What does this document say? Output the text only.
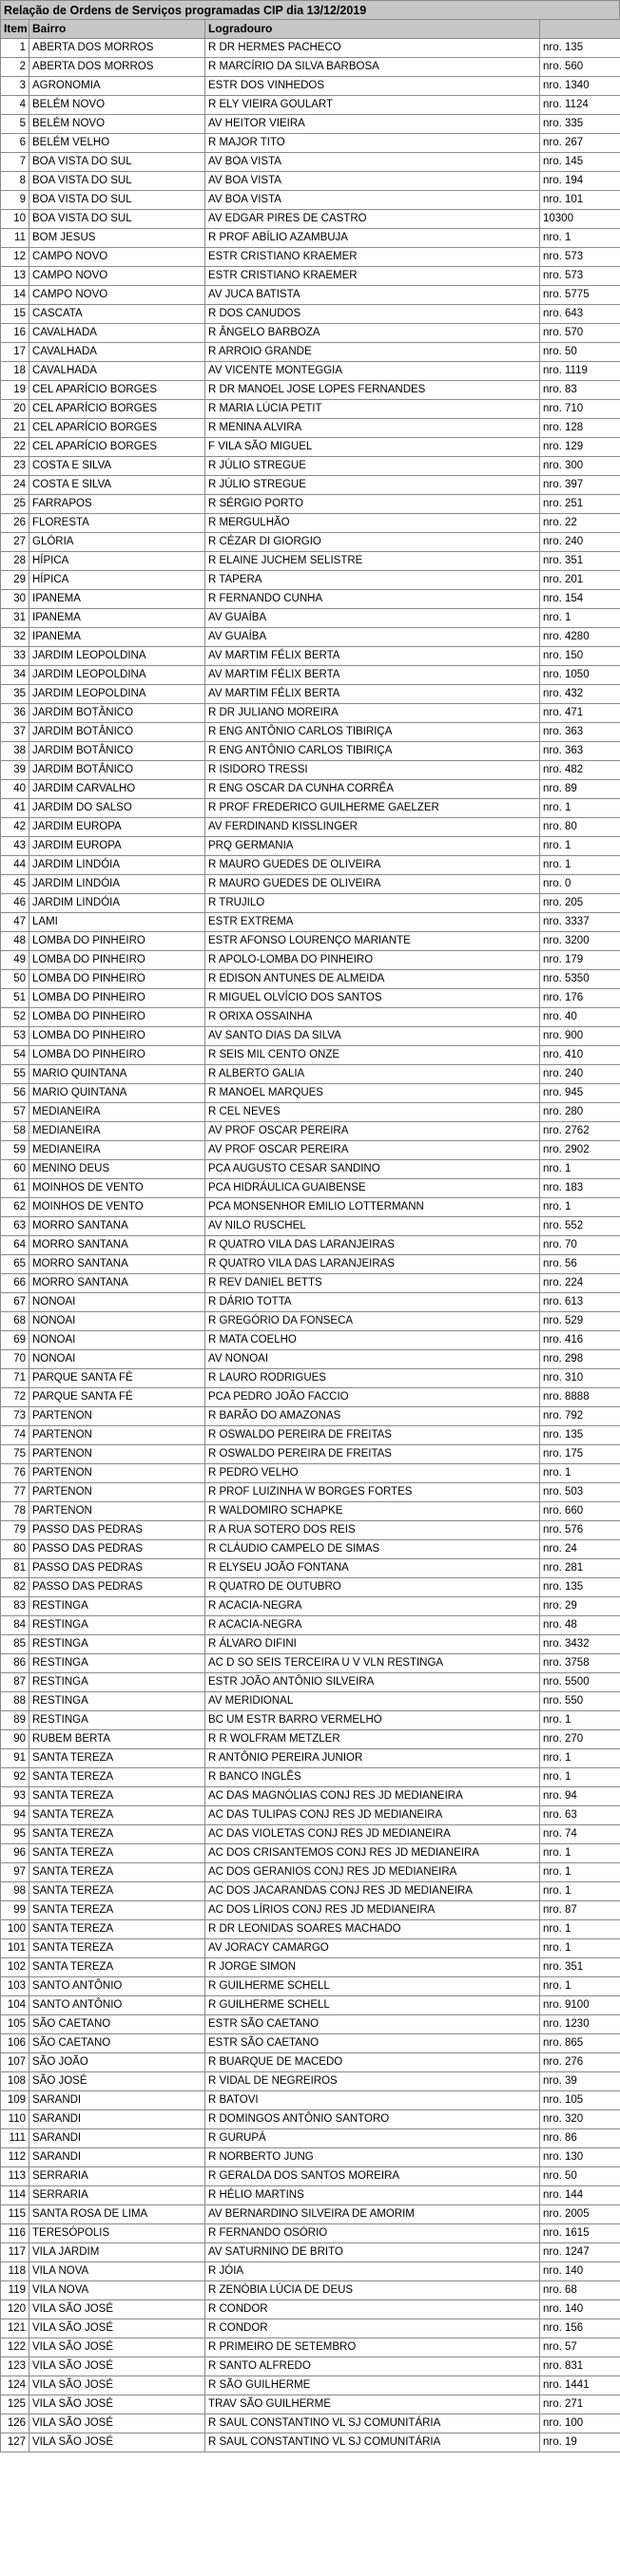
Relação de Ordens de Serviços programadas CIP dia 13/12/2019
Item	Bairro	Logradouro	
1	ABERTA DOS MORROS	R DR HERMES PACHECO	nro. 135
2	ABERTA DOS MORROS	R MARCÍRIO DA SILVA BARBOSA	nro. 560
3	AGRONOMIA	ESTR DOS VINHEDOS	nro. 1340
4	BELÉM NOVO	R ELY VIEIRA GOULART	nro. 1124
5	BELÉM NOVO	AV HEITOR VIEIRA	nro. 335
6	BELÉM VELHO	R MAJOR TITO	nro. 267
7	BOA VISTA DO SUL	AV BOA VISTA	nro. 145
8	BOA VISTA DO SUL	AV BOA VISTA	nro. 194
9	BOA VISTA DO SUL	AV BOA VISTA	nro. 101
10	BOA VISTA DO SUL	AV EDGAR PIRES DE CASTRO	10300
11	BOM JESUS	R PROF ABÍLIO AZAMBUJA	nro. 1
12	CAMPO NOVO	ESTR CRISTIANO KRAEMER	nro. 573
13	CAMPO NOVO	ESTR CRISTIANO KRAEMER	nro. 573
14	CAMPO NOVO	AV JUCA BATISTA	nro. 5775
15	CASCATA	R DOS CANUDOS	nro. 643
16	CAVALHADA	R ÂNGELO BARBOZA	nro. 570
17	CAVALHADA	R ARROIO GRANDE	nro. 50
18	CAVALHADA	AV VICENTE MONTEGGIA	nro. 1119
19	CEL APARÍCIO BORGES	R DR MANOEL JOSE LOPES FERNANDES	nro. 83
20	CEL APARÍCIO BORGES	R MARIA LÚCIA PETIT	nro. 710
21	CEL APARÍCIO BORGES	R MENINA ALVIRA	nro. 128
22	CEL APARÍCIO BORGES	F VILA SÃO MIGUEL	nro. 129
23	COSTA E SILVA	R JÚLIO STREGUE	nro. 300
24	COSTA E SILVA	R JÚLIO STREGUE	nro. 397
25	FARRAPOS	R SÉRGIO PORTO	nro. 251
26	FLORESTA	R MERGULHÃO	nro. 22
27	GLÓRIA	R CÉZAR DI GIORGIO	nro. 240
28	HÍPICA	R ELAINE JUCHEM SELISTRE	nro. 351
29	HÍPICA	R TAPERA	nro. 201
30	IPANEMA	R FERNANDO CUNHA	nro. 154
31	IPANEMA	AV GUAÍBA	nro. 1
32	IPANEMA	AV GUAÍBA	nro. 4280
33	JARDIM LEOPOLDINA	AV MARTIM FÉLIX BERTA	nro. 150
34	JARDIM LEOPOLDINA	AV MARTIM FÉLIX BERTA	nro. 1050
35	JARDIM LEOPOLDINA	AV MARTIM FÉLIX BERTA	nro. 432
36	JARDIM BOTÂNICO	R DR JULIANO MOREIRA	nro. 471
37	JARDIM BOTÂNICO	R ENG ANTÔNIO CARLOS TIBIRIÇA	nro. 363
38	JARDIM BOTÂNICO	R ENG ANTÔNIO CARLOS TIBIRIÇA	nro. 363
39	JARDIM BOTÂNICO	R ISIDORO TRESSI	nro. 482
40	JARDIM CARVALHO	R ENG OSCAR DA CUNHA CORRÊA	nro. 89
41	JARDIM DO SALSO	R PROF FREDERICO GUILHERME GAELZER	nro. 1
42	JARDIM EUROPA	AV FERDINAND KISSLINGER	nro. 80
43	JARDIM EUROPA	PRQ GERMANIA	nro. 1
44	JARDIM LINDÓIA	R MAURO GUEDES DE OLIVEIRA	nro. 1
45	JARDIM LINDÓIA	R MAURO GUEDES DE OLIVEIRA	nro. 0
46	JARDIM LINDÓIA	R TRUJILO	nro. 205
47	LAMI	ESTR EXTREMA	nro. 3337
48	LOMBA DO PINHEIRO	ESTR AFONSO LOURENÇO MARIANTE	nro. 3200
49	LOMBA DO PINHEIRO	R APOLO-LOMBA DO PINHEIRO	nro. 179
50	LOMBA DO PINHEIRO	R EDISON ANTUNES DE ALMEIDA	nro. 5350
51	LOMBA DO PINHEIRO	R MIGUEL OLVÍCIO DOS SANTOS	nro. 176
52	LOMBA DO PINHEIRO	R ORIXA OSSAINHA	nro. 40
53	LOMBA DO PINHEIRO	AV SANTO DIAS DA SILVA	nro. 900
54	LOMBA DO PINHEIRO	R SEIS MIL CENTO ONZE	nro. 410
55	MARIO QUINTANA	R ALBERTO GALIA	nro. 240
56	MARIO QUINTANA	R MANOEL MARQUES	nro. 945
57	MEDIANEIRA	R CEL NEVES	nro. 280
58	MEDIANEIRA	AV PROF OSCAR PEREIRA	nro. 2762
59	MEDIANEIRA	AV PROF OSCAR PEREIRA	nro. 2902
60	MENINO DEUS	PCA AUGUSTO CESAR SANDINO	nro. 1
61	MOINHOS DE VENTO	PCA HIDRÁULICA GUAIBENSE	nro. 183
62	MOINHOS DE VENTO	PCA MONSENHOR EMILIO LOTTERMANN	nro. 1
63	MORRO SANTANA	AV NILO RUSCHEL	nro. 552
64	MORRO SANTANA	R QUATRO VILA DAS LARANJEIRAS	nro. 70
65	MORRO SANTANA	R QUATRO VILA DAS LARANJEIRAS	nro. 56
66	MORRO SANTANA	R REV DANIEL BETTS	nro. 224
67	NONOAI	R DÁRIO TOTTA	nro. 613
68	NONOAI	R GREGÓRIO DA FONSECA	nro. 529
69	NONOAI	R MATA COELHO	nro. 416
70	NONOAI	AV NONOAI	nro. 298
71	PARQUE SANTA FÉ	R LAURO RODRIGUES	nro. 310
72	PARQUE SANTA FÉ	PCA PEDRO JOÃO FACCIO	nro. 8888
73	PARTENON	R BARÃO DO AMAZONAS	nro. 792
74	PARTENON	R OSWALDO PEREIRA DE FREITAS	nro. 135
75	PARTENON	R OSWALDO PEREIRA DE FREITAS	nro. 175
76	PARTENON	R PEDRO VELHO	nro. 1
77	PARTENON	R PROF LUIZINHA W BORGES FORTES	nro. 503
78	PARTENON	R WALDOMIRO SCHAPKE	nro. 660
79	PASSO DAS PEDRAS	R A RUA SOTERO DOS REIS	nro. 576
80	PASSO DAS PEDRAS	R CLÁUDIO CAMPELO DE SIMAS	nro. 24
81	PASSO DAS PEDRAS	R ELYSEU JOÃO FONTANA	nro. 281
82	PASSO DAS PEDRAS	R QUATRO DE OUTUBRO	nro. 135
83	RESTINGA	R ACACIA-NEGRA	nro. 29
84	RESTINGA	R ACACIA-NEGRA	nro. 48
85	RESTINGA	R ÁLVARO DIFINI	nro. 3432
86	RESTINGA	AC D SO SEIS TERCEIRA U V VLN RESTINGA	nro. 3758
87	RESTINGA	ESTR JOÃO ANTÔNIO SILVEIRA	nro. 5500
88	RESTINGA	AV MERIDIONAL	nro. 550
89	RESTINGA	BC UM ESTR BARRO VERMELHO	nro. 1
90	RUBEM BERTA	R R WOLFRAM METZLER	nro. 270
91	SANTA TEREZA	R ANTÔNIO PEREIRA JUNIOR	nro. 1
92	SANTA TEREZA	R BANCO INGLÊS	nro. 1
93	SANTA TEREZA	AC DAS MAGNÓLIAS CONJ RES JD MEDIANEIRA	nro. 94
94	SANTA TEREZA	AC DAS TULIPAS CONJ RES JD MEDIANEIRA	nro. 63
95	SANTA TEREZA	AC DAS VIOLETAS CONJ RES JD MEDIANEIRA	nro. 74
96	SANTA TEREZA	AC DOS CRISANTEMOS CONJ RES JD MEDIANEIRA	nro. 1
97	SANTA TEREZA	AC DOS GERANIOS CONJ RES JD MEDIANEIRA	nro. 1
98	SANTA TEREZA	AC DOS JACARANDAS CONJ RES JD MEDIANEIRA	nro. 1
99	SANTA TEREZA	AC DOS LÍRIOS CONJ RES JD MEDIANEIRA	nro. 87
100	SANTA TEREZA	R DR LEONIDAS SOARES MACHADO	nro. 1
101	SANTA TEREZA	AV JORACY CAMARGO	nro. 1
102	SANTA TEREZA	R JORGE SIMON	nro. 351
103	SANTO ANTÔNIO	R GUILHERME SCHELL	nro. 1
104	SANTO ANTÔNIO	R GUILHERME SCHELL	nro. 9100
105	SÃO CAETANO	ESTR SÃO CAETANO	nro. 1230
106	SÃO CAETANO	ESTR SÃO CAETANO	nro. 865
107	SÃO JOÃO	R BUARQUE DE MACEDO	nro. 276
108	SÃO JOSÉ	R VIDAL DE NEGREIROS	nro. 39
109	SARANDI	R BATOVI	nro. 105
110	SARANDI	R DOMINGOS ANTÔNIO SANTORO	nro. 320
111	SARANDI	R GURUPÁ	nro. 86
112	SARANDI	R NORBERTO JUNG	nro. 130
113	SERRARIA	R GERALDA DOS SANTOS MOREIRA	nro. 50
114	SERRARIA	R HÉLIO MARTINS	nro. 144
115	SANTA ROSA DE LIMA	AV BERNARDINO SILVEIRA DE AMORIM	nro. 2005
116	TERESÓPOLIS	R FERNANDO OSÓRIO	nro. 1615
117	VILA JARDIM	AV SATURNINO DE BRITO	nro. 1247
118	VILA NOVA	R JÓIA	nro. 140
119	VILA NOVA	R ZENÓBIA LÚCIA DE DEUS	nro. 68
120	VILA SÃO JOSÉ	R CONDOR	nro. 140
121	VILA SÃO JOSÉ	R CONDOR	nro. 156
122	VILA SÃO JOSÉ	R PRIMEIRO DE SETEMBRO	nro. 57
123	VILA SÃO JOSÉ	R SANTO ALFREDO	nro. 831
124	VILA SÃO JOSÉ	R SÃO GUILHERME	nro. 1441
125	VILA SÃO JOSÉ	TRAV SÃO GUILHERME	nro. 271
126	VILA SÃO JOSÉ	R SAUL CONSTANTINO VL SJ COMUNITÁRIA	nro. 100
127	VILA SÃO JOSÉ	R SAUL CONSTANTINO VL SJ COMUNITÁRIA	nro. 19
